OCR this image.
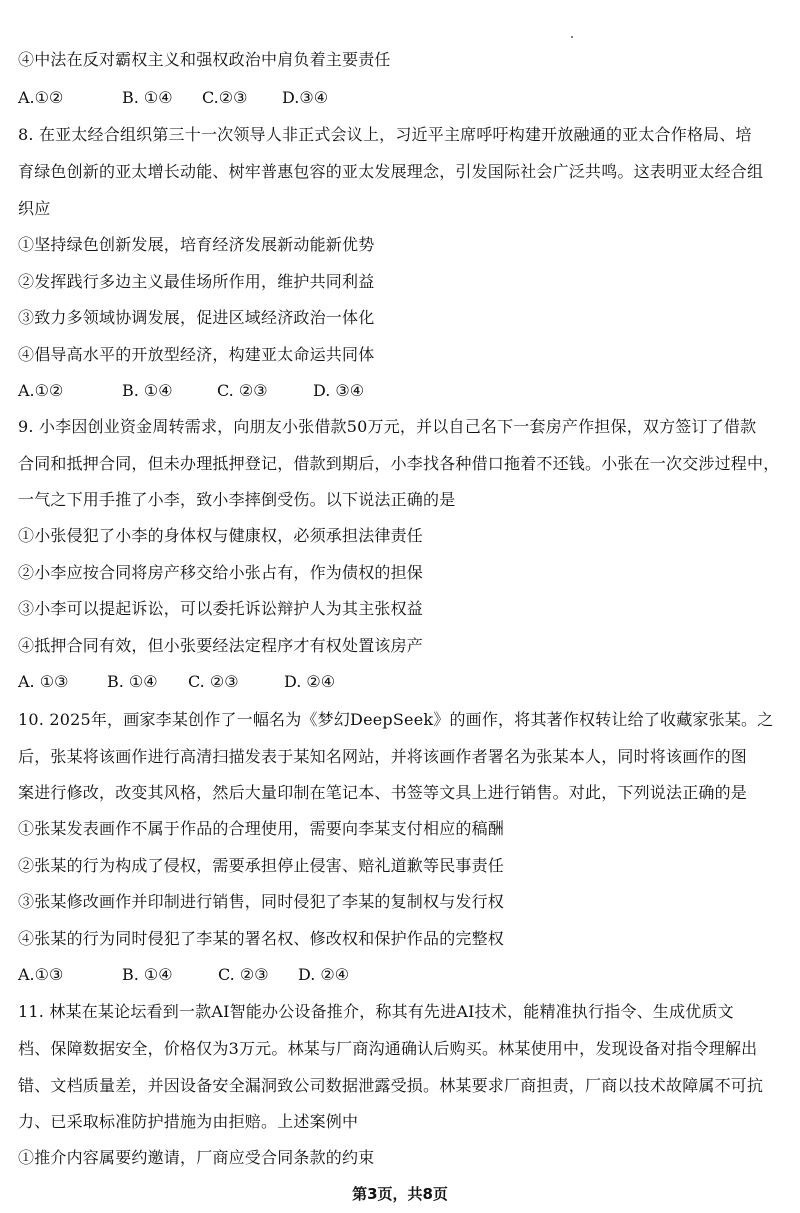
④中法在反对霸权主义和强权政治中肩负着主要责任
A.①②	B. ①④ C.②③ D.③④
8. 在亚太经合组织第三十一次领导人非正式会议上，习近平主席呼吁构建开放融通的亚太合作格局、培
育绿色创新的亚太增长动能、树牢普惠包容的亚太发展理念，引发国际社会广泛共鸣。这表明亚太经合组
织应
①坚持绿色创新发展，培育经济发展新动能新优势
②发挥践行多边主义最佳场所作用，维护共同利益
③致力多领域协调发展，促进区域经济政治一体化
④倡导高水平的开放型经济，构建亚太命运共同体
A.①②	B. ①④	C. ②③	D. ③④
9. 小李因创业资金周转需求，向朋友小张借款50万元，并以自己名下一套房产作担保，双方签订了借款
合同和抵押合同，但未办理抵押登记，借款到期后，小李找各种借口拖着不还钱。小张在一次交涉过程中，
一气之下用手推了小李，致小李摔倒受伤。以下说法正确的是
①小张侵犯了小李的身体权与健康权，必须承担法律责任
②小李应按合同将房产移交给小张占有，作为债权的担保
③小李可以提起诉讼，可以委托诉讼辩护人为其主张权益
④抵押合同有效，但小张要经法定程序才有权处置该房产
A. ①③ B. ①④ C. ②③	D. ②④
10. 2025年，画家李某创作了一幅名为《梦幻DeepSeek》的画作，将其著作权转让给了收藏家张某。之
后，张某将该画作进行高清扫描发表于某知名网站，并将该画作者署名为张某本人，同时将该画作的图
案进行修改，改变其风格，然后大量印制在笔记本、书签等文具上进行销售。对此，下列说法正确的是
①张某发表画作不属于作品的合理使用，需要向李某支付相应的稿酬
②张某的行为构成了侵权，需要承担停止侵害、赔礼道歉等民事责任
③张某修改画作并印制进行销售，同时侵犯了李某的复制权与发行权
④张某的行为同时侵犯了李某的署名权、修改权和保护作品的完整权
A.①③	B. ①④	C. ②③ D. ②④
11. 林某在某论坛看到一款AI智能办公设备推介，称其有先进AI技术，能精准执行指令、生成优质文
档、保障数据安全，价格仅为3万元。林某与厂商沟通确认后购买。林某使用中，发现设备对指令理解出
错、文档质量差，并因设备安全漏洞致公司数据泄露受损。林某要求厂商担责，厂商以技术故障属不可抗
力、已采取标准防护措施为由拒赔。上述案例中
①推介内容属要约邀请，厂商应受合同条款的约束
第3页，共8页
